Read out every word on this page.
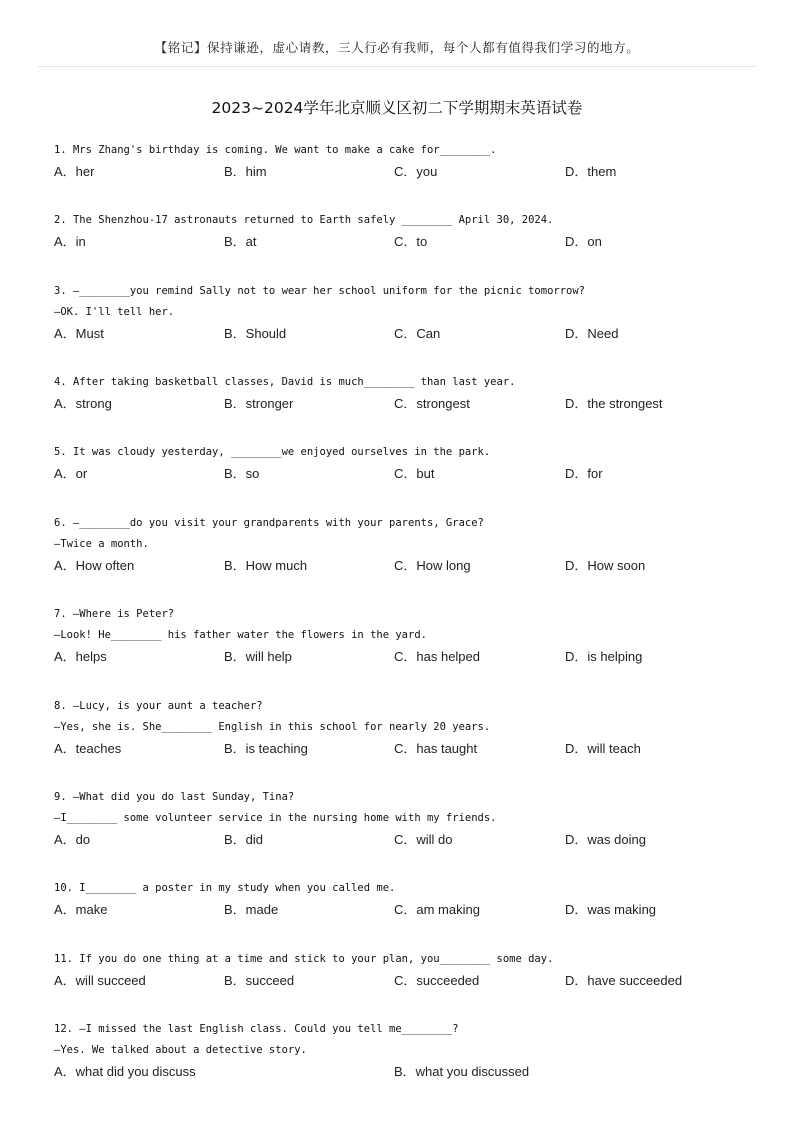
【铭记】保持谦逊，虚心请教，三人行必有我师，每个人都有值得我们学习的地方。
2023~2024学年北京顺义区初二下学期期末英语试卷
1. Mrs Zhang's birthday is coming. We want to make a cake for________.
A．her	B．him	C．you	D．them
2. The Shenzhou-17 astronauts returned to Earth safely ________ April 30, 2024.
A．in	B．at	C．to	D．on
3. —________you remind Sally not to wear her school uniform for the picnic tomorrow?
—OK. I'll tell her.
A．Must	B．Should	C．Can	D．Need
4. After taking basketball classes, David is much________ than last year.
A．strong	B．stronger	C．strongest	D．the strongest
5. It was cloudy yesterday, ________we enjoyed ourselves in the park.
A．or	B．so	C．but	D．for
6. —________do you visit your grandparents with your parents, Grace?
—Twice a month.
A．How often	B．How much	C．How long	D．How soon
7. —Where is Peter?
—Look! He________ his father water the flowers in the yard.
A．helps	B．will help	C．has helped	D．is helping
8. —Lucy, is your aunt a teacher?
—Yes, she is. She________ English in this school for nearly 20 years.
A．teaches	B．is teaching	C．has taught	D．will teach
9. —What did you do last Sunday, Tina?
—I________ some volunteer service in the nursing home with my friends.
A．do	B．did	C．will do	D．was doing
10. I________ a poster in my study when you called me.
A．make	B．made	C．am making	D．was making
11. If you do one thing at a time and stick to your plan, you________ some day.
A．will succeed	B．succeed	C．succeeded	D．have succeeded
12. —I missed the last English class. Could you tell me________?
—Yes. We talked about a detective story.
A．what did you discuss	B．what you discussed
